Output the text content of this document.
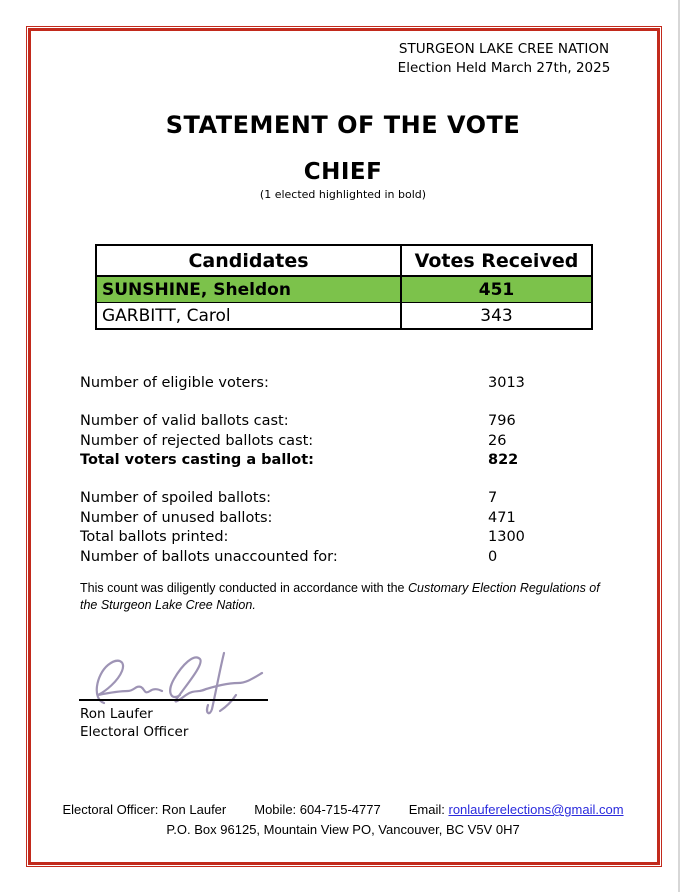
STURGEON LAKE CREE NATION
Election Held March 27th, 2025
STATEMENT OF THE VOTE
CHIEF
(1 elected highlighted in bold)
Candidates	Votes Received
SUNSHINE, Sheldon	451
GARBITT, Carol	343
Number of eligible voters:	3013
Number of valid ballots cast:	796
Number of rejected ballots cast:	26
Total voters casting a ballot:	822
Number of spoiled ballots:	7
Number of unused ballots:	471
Total ballots printed:	1300
Number of ballots unaccounted for:	0

This count was diligently conducted in accordance with the Customary Election Regulations of the Sturgeon Lake Cree Nation.

Ron Laufer
Electoral Officer
Electoral Officer: Ron Laufer Mobile: 604-715-4777 Email: ronlauferelections@gmail.com
P.O. Box 96125, Mountain View PO, Vancouver, BC V5V 0H7
